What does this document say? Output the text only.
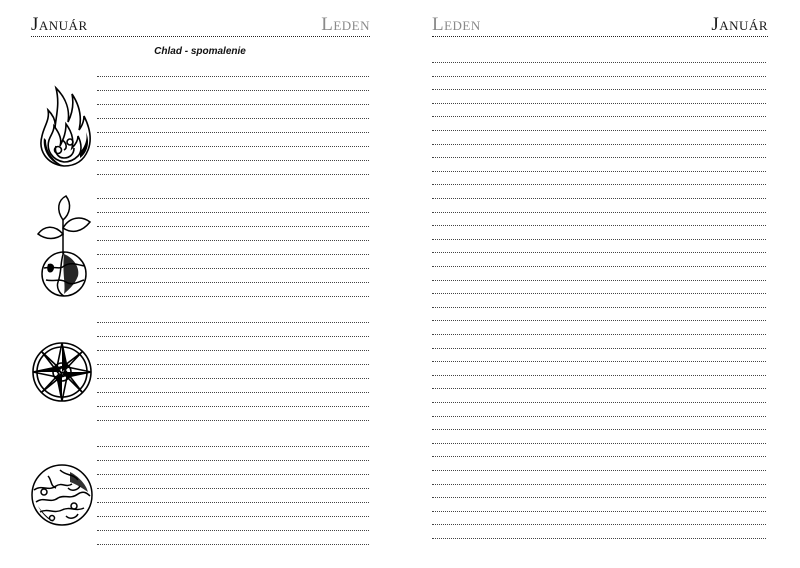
Január	Leden
Chlad - spomalenie
Leden	Január
